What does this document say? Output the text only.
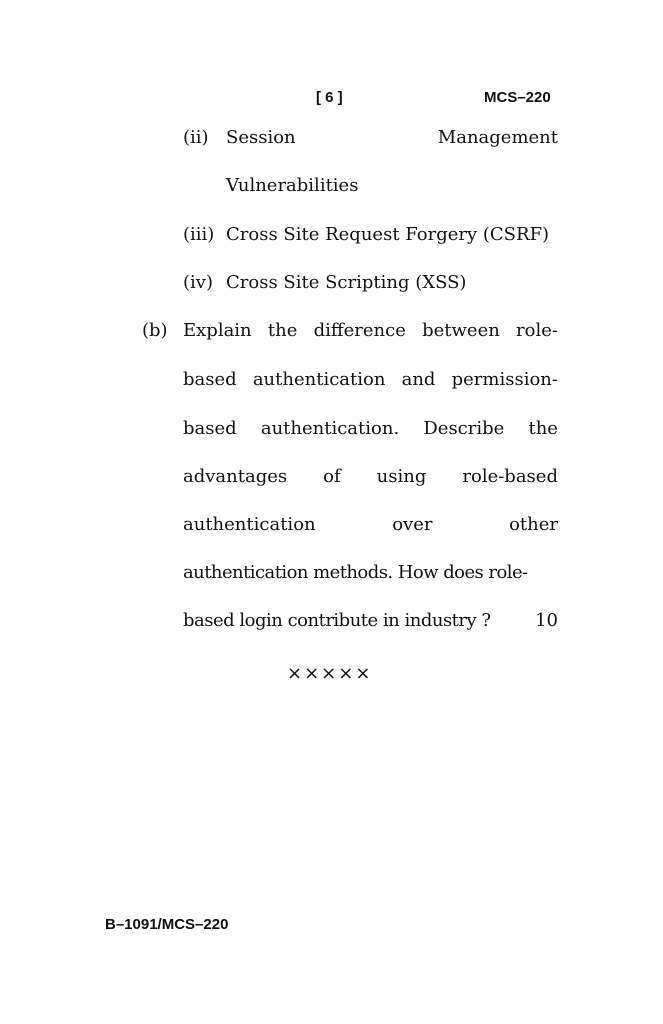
[ 6 ]	MCS–220
(ii) Session	Management
Vulnerabilities
(iii) Cross Site Request Forgery (CSRF)
(iv) Cross Site Scripting (XSS)
(b) Explain the difference between role-
based authentication and permission-
based authentication. Describe the
advantages of using role-based
authentication	over	other
authentication methods. How does role-
based login contribute in industry ? 10
×××××
B–1091/MCS–220
